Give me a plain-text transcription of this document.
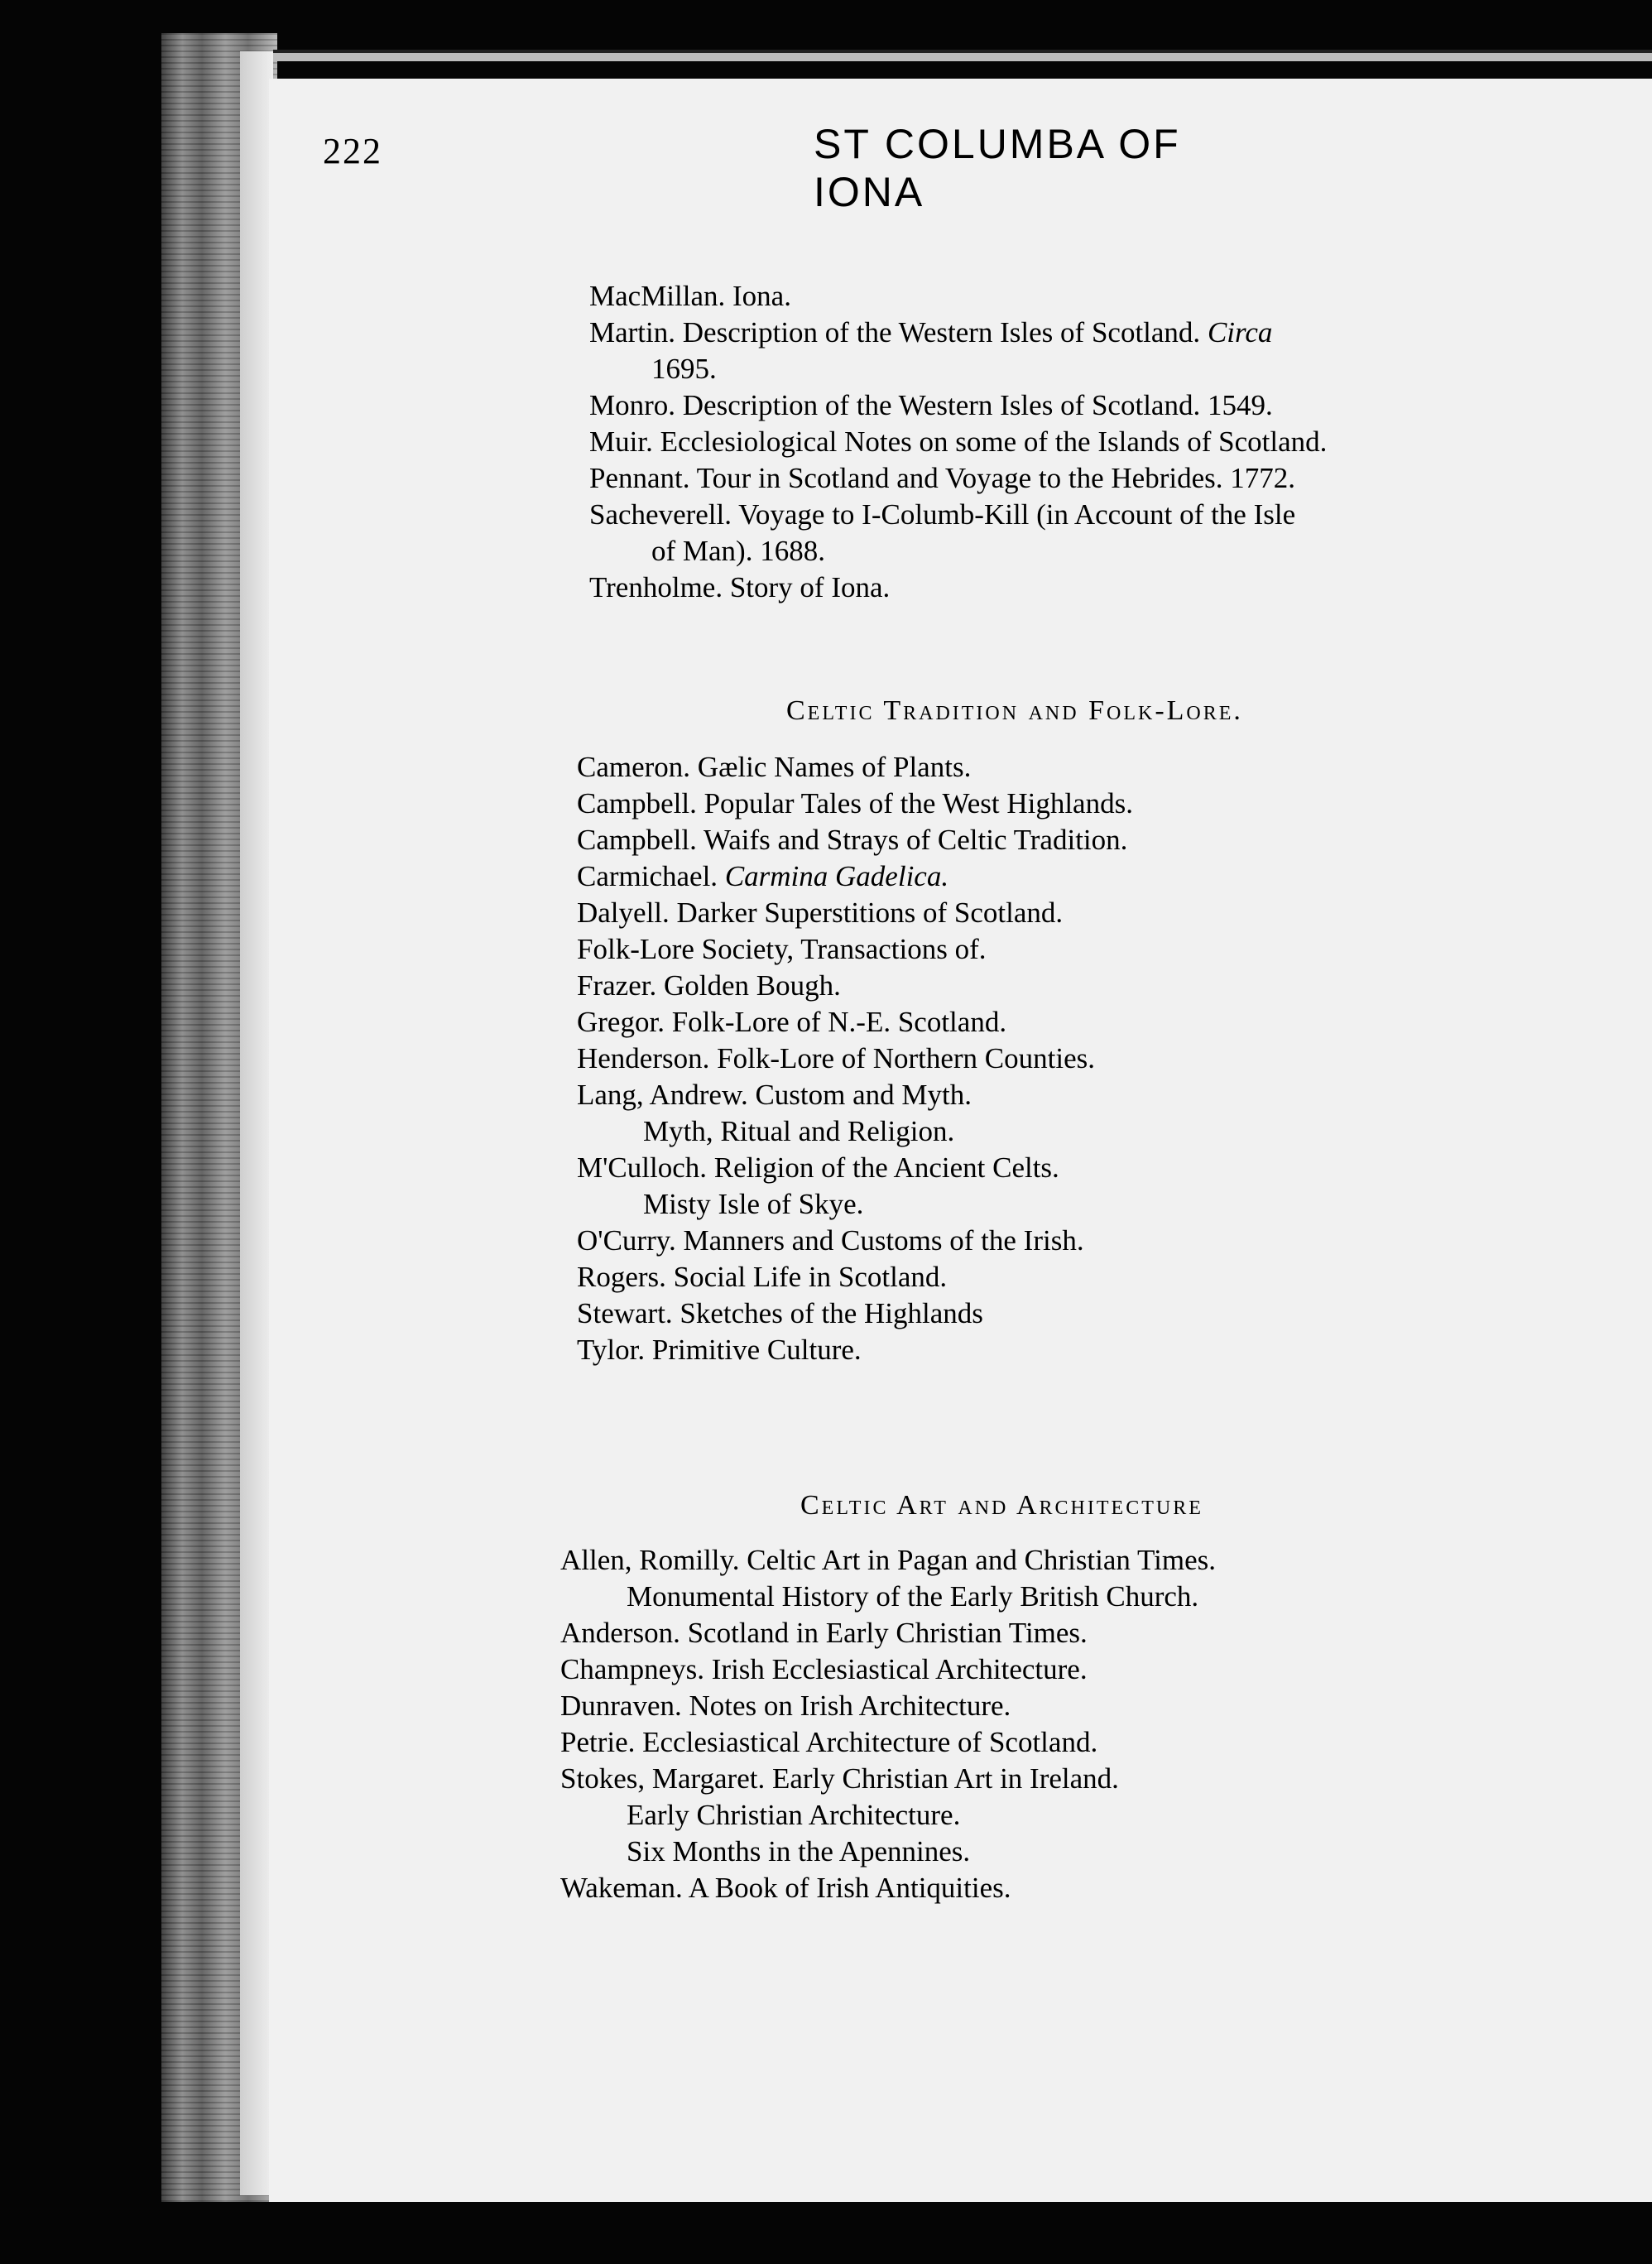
222	ST COLUMBA OF IONA
MacMillan. Iona.
Martin. Description of the Western Isles of Scotland. Circa
1695.
Monro. Description of the Western Isles of Scotland. 1549.
Muir. Ecclesiological Notes on some of the Islands of Scotland.
Pennant. Tour in Scotland and Voyage to the Hebrides. 1772.
Sacheverell. Voyage to I-Columb-Kill (in Account of the Isle
of Man). 1688.
Trenholme. Story of Iona.
Celtic Tradition and Folk-Lore.
Cameron. Gælic Names of Plants.
Campbell. Popular Tales of the West Highlands.
Campbell. Waifs and Strays of Celtic Tradition.
Carmichael. Carmina Gadelica.
Dalyell. Darker Superstitions of Scotland.
Folk-Lore Society, Transactions of.
Frazer. Golden Bough.
Gregor. Folk-Lore of N.-E. Scotland.
Henderson. Folk-Lore of Northern Counties.
Lang, Andrew. Custom and Myth.
Myth, Ritual and Religion.
M'Culloch. Religion of the Ancient Celts.
Misty Isle of Skye.
O'Curry. Manners and Customs of the Irish.
Rogers. Social Life in Scotland.
Stewart. Sketches of the Highlands
Tylor. Primitive Culture.
Celtic Art and Architecture
Allen, Romilly. Celtic Art in Pagan and Christian Times.
Monumental History of the Early British Church.
Anderson. Scotland in Early Christian Times.
Champneys. Irish Ecclesiastical Architecture.
Dunraven. Notes on Irish Architecture.
Petrie. Ecclesiastical Architecture of Scotland.
Stokes, Margaret. Early Christian Art in Ireland.
Early Christian Architecture.
Six Months in the Apennines.
Wakeman. A Book of Irish Antiquities.
